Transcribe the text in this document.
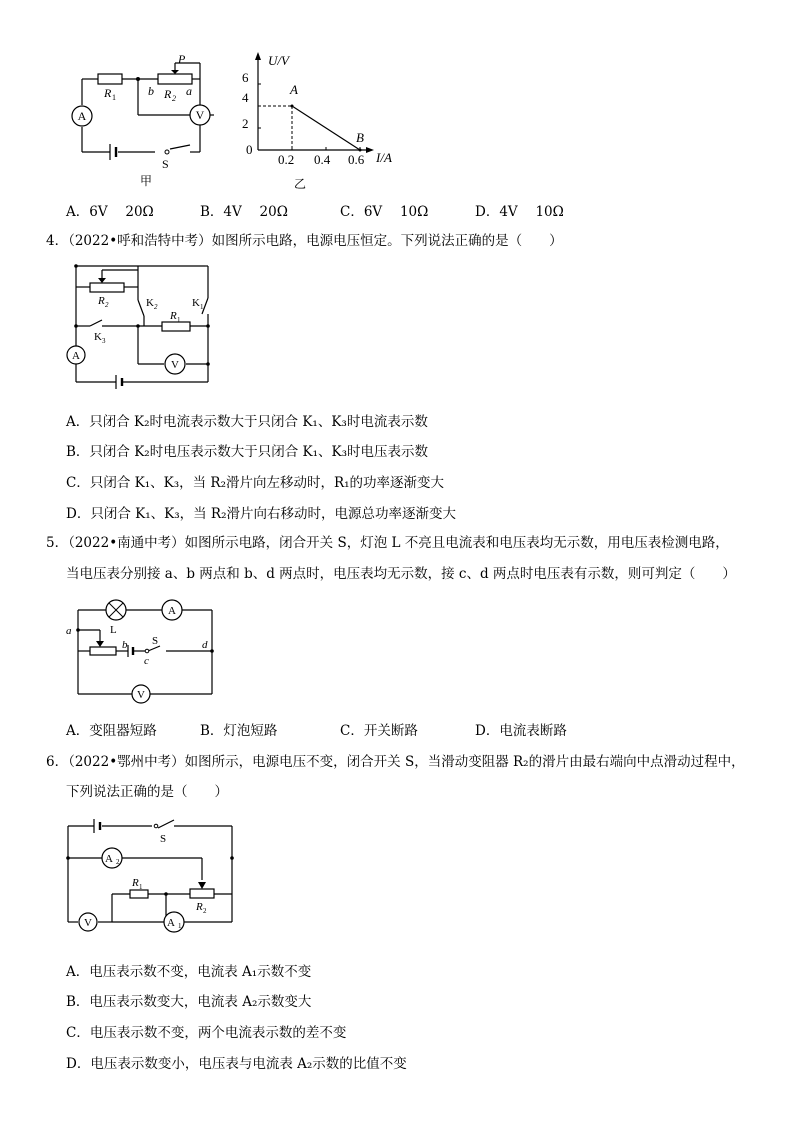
A	V
R 1	R 2
b	a
P
S
甲
U/V
I/A
6
4
2
0
0.2 0.4 0.6
A
B
乙
A．6V　 20Ω	B．4V　 20Ω	C．6V　 10Ω	D．4V　 10Ω
4．（2022•呼和浩特中考）如图所示电路，电源电压恒定。下列说法正确的是（　　）
A
V
R 2
R 1
K 2	K 1
K 3
A．只闭合 K₂时电流表示数大于只闭合 K₁、K₃时电流表示数
B．只闭合 K₂时电压表示数大于只闭合 K₁、K₃时电压表示数
C．只闭合 K₁、K₃，当 R₂滑片向左移动时，R₁的功率逐渐变大
D．只闭合 K₁、K₃，当 R₂滑片向右移动时，电源总功率逐渐变大
5．（2022•南通中考）如图所示电路，闭合开关 S，灯泡 L 不亮且电流表和电压表均无示数，用电压表检测电路，
当电压表分别接 a、b 两点和 b、d 两点时，电压表均无示数，接 c、d 两点时电压表有示数，则可判定（　　）
A
V
L
S
a
b
c
d
A．变阻器短路	B．灯泡短路	C．开关断路	D．电流表断路
6．（2022•鄂州中考）如图所示，电源电压不变，闭合开关 S，当滑动变阻器 R₂的滑片由最右端向中点滑动过程中，
下列说法正确的是（　　）
A 2
A 1
V
S
R 1
R 2
A．电压表示数不变，电流表 A₁示数不变
B．电压表示数变大，电流表 A₂示数变大
C．电压表示数不变，两个电流表示数的差不变
D．电压表示数变小，电压表与电流表 A₂示数的比值不变
